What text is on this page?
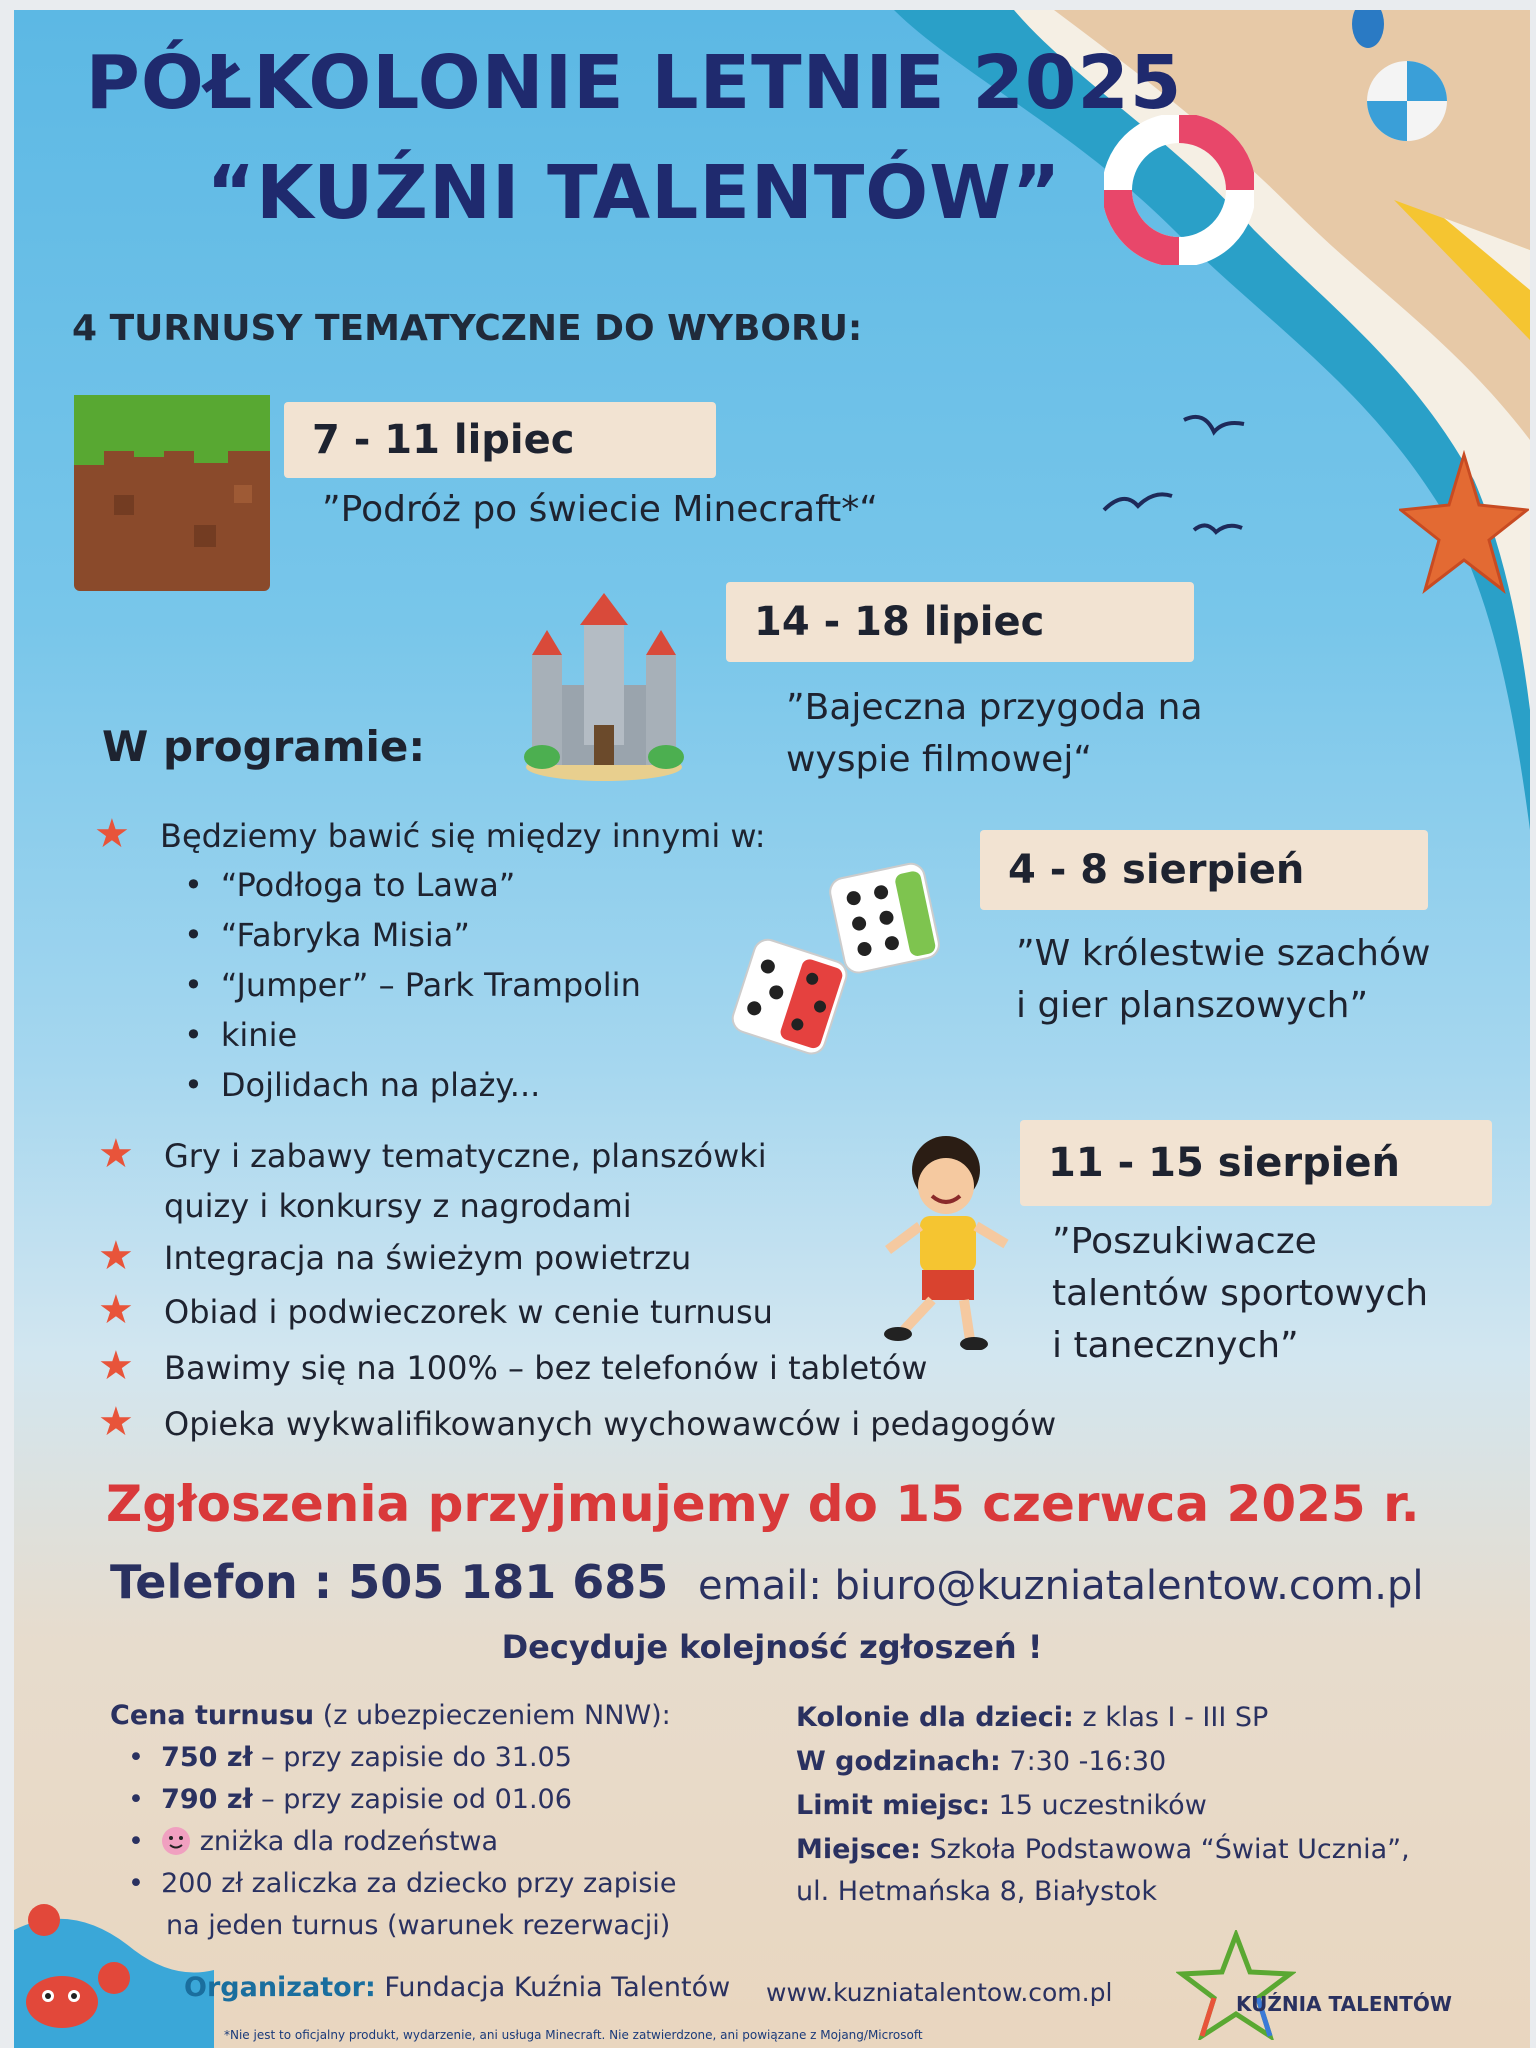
PÓŁKOLONIE LETNIE 2025
“KUŹNI TALENTÓW”
4 TURNUSY TEMATYCZNE DO WYBORU:
7 - 11 lipiec
”Podróż po świecie Minecraft*“
14 - 18 lipiec
”Bajeczna przygoda na
wyspie filmowej“
W programie:
★ Będziemy bawić się między innymi w:
• “Podłoga to Lawa”
• “Fabryka Misia”
• “Jumper” – Park Trampolin
• kinie
• Dojlidach na plaży...
4 - 8 sierpień
”W królestwie szachów
i gier planszowych”
★ Gry i zabawy tematyczne, planszówki
quizy i konkursy z nagrodami
★ Integracja na świeżym powietrzu
★ Obiad i podwieczorek w cenie turnusu
★ Bawimy się na 100% – bez telefonów i tabletów
★ Opieka wykwalifikowanych wychowawców i pedagogów
11 - 15 sierpień
”Poszukiwacze
talentów sportowych
i tanecznych”
Zgłoszenia przyjmujemy do 15 czerwca 2025 r.
Telefon : 505 181 685 email: biuro@kuzniatalentow.com.pl
Decyduje kolejność zgłoszeń !
Cena turnusu (z ubezpieczeniem NNW):
•  750 zł – przy zapisie do 31.05
•  790 zł – przy zapisie od 01.06
•   zniżka dla rodzeństwa
•  200 zł zaliczka za dziecko przy zapisie
na jeden turnus (warunek rezerwacji)
Kolonie dla dzieci: z klas I - III SP
W godzinach: 7:30 -16:30
Limit miejsc: 15 uczestników
Miejsce: Szkoła Podstawowa “Świat Ucznia”,
ul. Hetmańska 8, Białystok
Organizator: Fundacja Kuźnia Talentów www.kuzniatalentow.com.pl	KUŹNIA TALENTÓW
*Nie jest to oficjalny produkt, wydarzenie, ani usługa Minecraft. Nie zatwierdzone, ani powiązane z Mojang/Microsoft
